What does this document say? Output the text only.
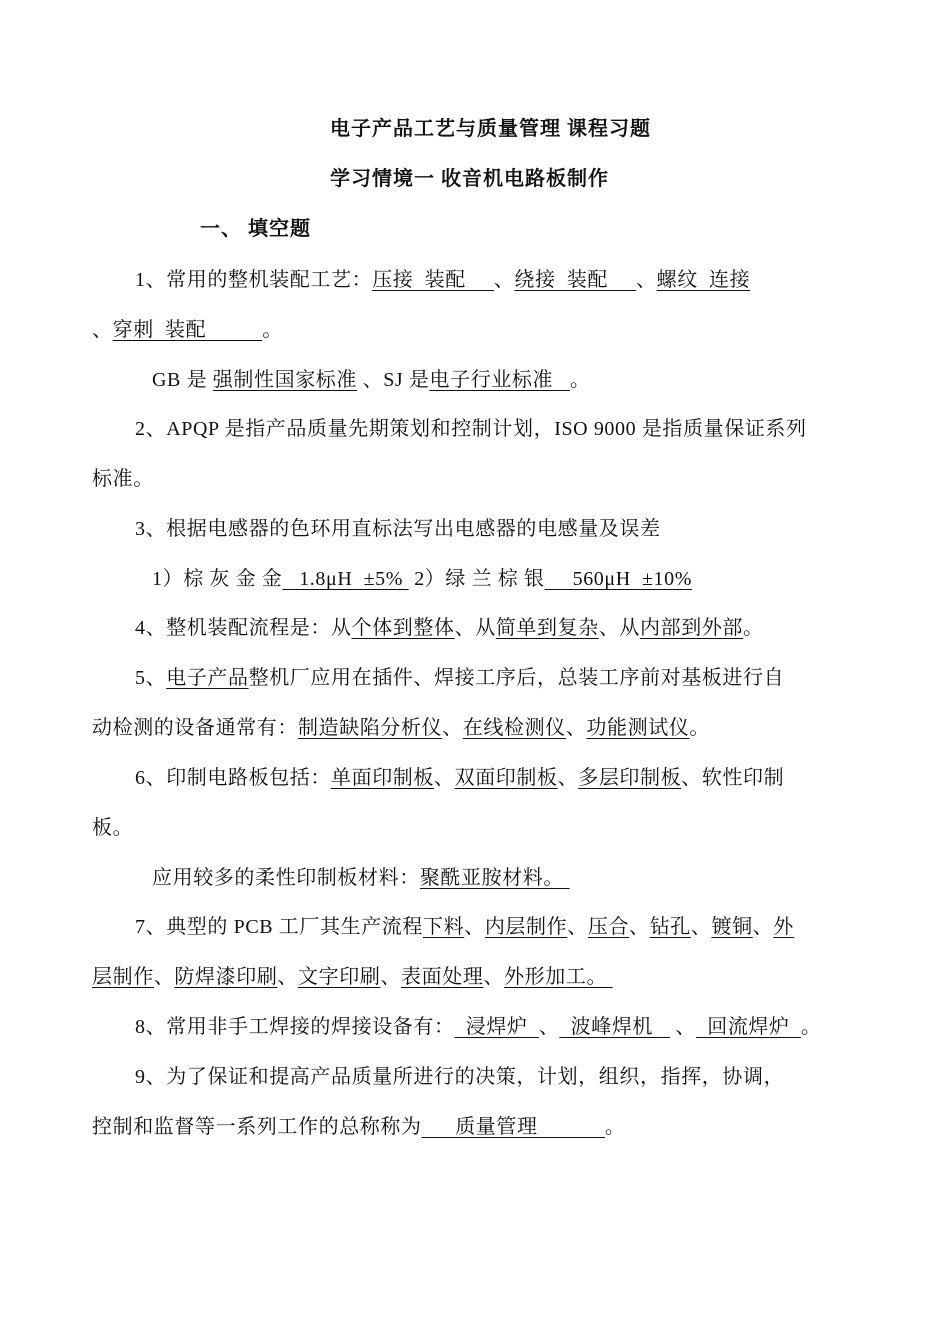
电子产品工艺与质量管理 课程习题
学习情境一 收音机电路板制作
一、 填空题
1、常用的整机装配工艺：压接  装配     、绕接  装配     、螺纹  连接
、穿刺  装配          。
GB 是 强制性国家标准 、SJ 是电子行业标准   。
2、APQP 是指产品质量先期策划和控制计划，ISO 9000 是指质量保证系列
标准。
3、根据电感器的色环用直标法写出电感器的电感量及误差
1）棕 灰 金 金   1.8μH  ±5%  2）绿 兰 棕 银     560μH  ±10%
4、整机装配流程是：从个体到整体、从简单到复杂、从内部到外部。
5、电子产品整机厂应用在插件、焊接工序后，总装工序前对基板进行自
动检测的设备通常有：制造缺陷分析仪、在线检测仪、功能测试仪。
6、印制电路板包括：单面印制板、双面印制板、多层印制板、软性印制
板。
应用较多的柔性印制板材料：聚酰亚胺材料。
7、典型的 PCB 工厂其生产流程下料、内层制作、压合、钻孔、镀铜、外
层制作、防焊漆印刷、文字印刷、表面处理、外形加工。
8、常用非手工焊接的焊接设备有：  浸焊炉  、  波峰焊机    、  回流焊炉  。
9、为了保证和提高产品质量所进行的决策，计划，组织，指挥，协调，
控制和监督等一系列工作的总称称为      质量管理            。
